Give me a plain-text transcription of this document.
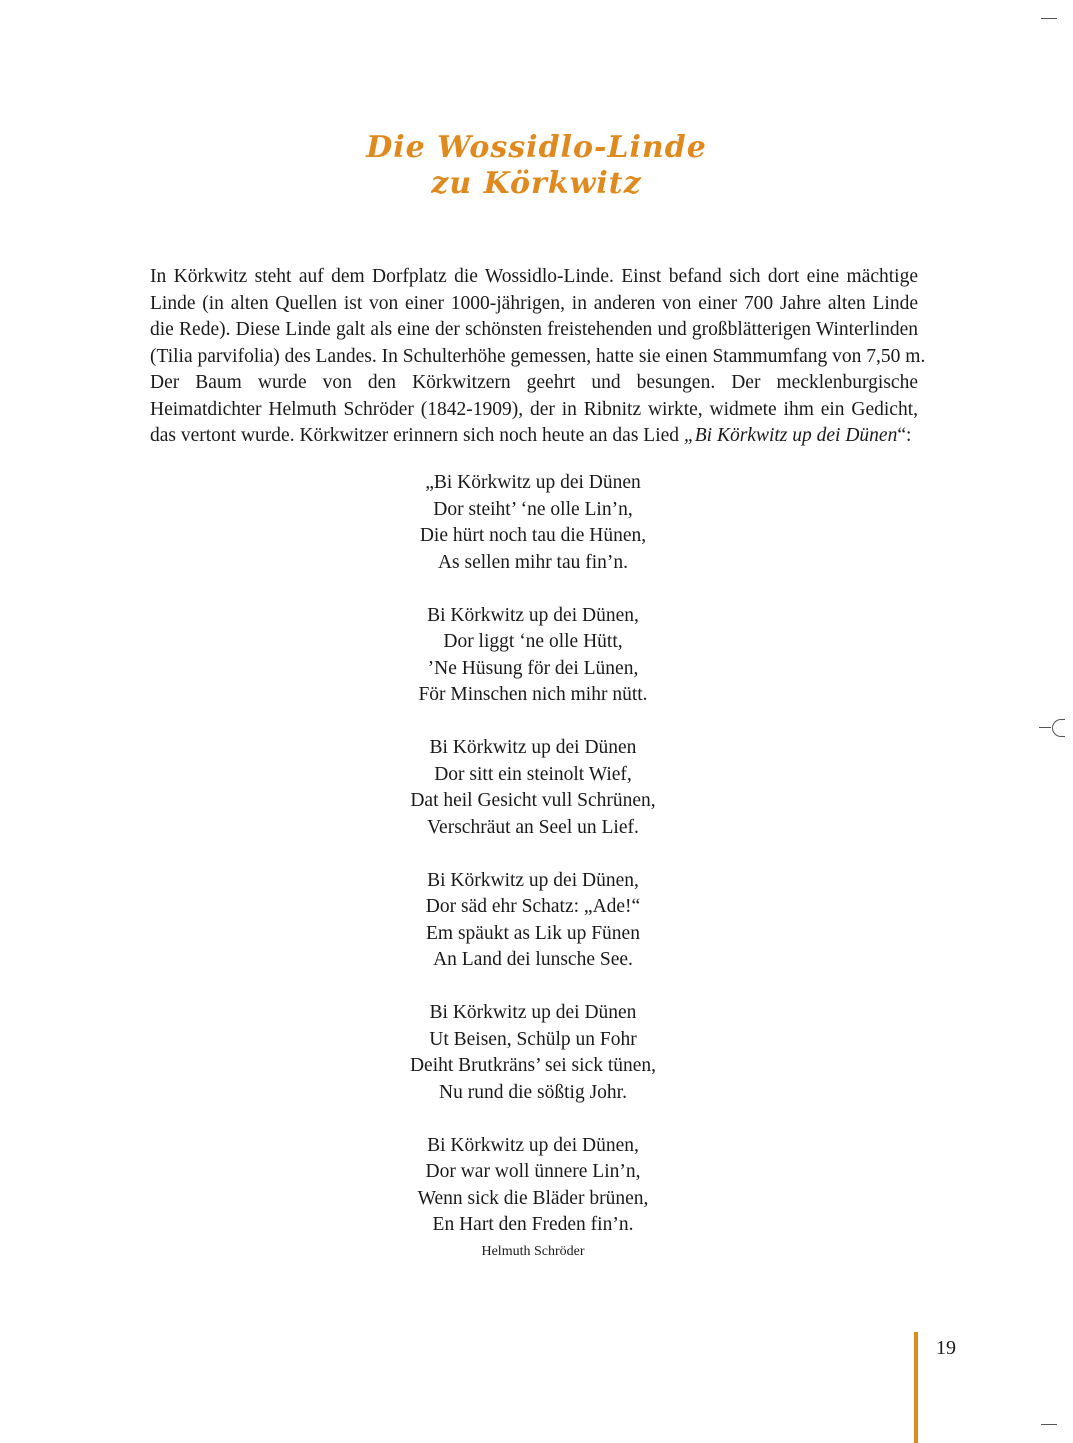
Die Wossidlo-Linde
zu Körkwitz
In Körkwitz steht auf dem Dorfplatz die Wossidlo-Linde. Einst befand sich dort eine mächtige
Linde (in alten Quellen ist von einer 1000-jährigen, in anderen von einer 700 Jahre alten Linde
die Rede). Diese Linde galt als eine der schönsten freistehenden und großblätterigen Winterlinden
(Tilia parvifolia) des Landes. In Schulterhöhe gemessen, hatte sie einen Stammumfang von 7,50 m.
Der Baum wurde von den Körkwitzern geehrt und besungen. Der mecklenburgische
Heimatdichter Helmuth Schröder (1842-1909), der in Ribnitz wirkte, widmete ihm ein Gedicht,
das vertont wurde. Körkwitzer erinnern sich noch heute an das Lied „Bi Körkwitz up dei Dünen“:
„Bi Körkwitz up dei Dünen
Dor steiht’ ‘ne olle Lin’n,
Die hürt noch tau die Hünen,
As sellen mihr tau fin’n.
Bi Körkwitz up dei Dünen,
Dor liggt ‘ne olle Hütt,
’Ne Hüsung för dei Lünen,
För Minschen nich mihr nütt.
Bi Körkwitz up dei Dünen
Dor sitt ein steinolt Wief,
Dat heil Gesicht vull Schrünen,
Verschräut an Seel un Lief.
Bi Körkwitz up dei Dünen,
Dor säd ehr Schatz: „Ade!“
Em späukt as Lik up Fünen
An Land dei lunsche See.
Bi Körkwitz up dei Dünen
Ut Beisen, Schülp un Fohr
Deiht Brutkräns’ sei sick tünen,
Nu rund die sößtig Johr.
Bi Körkwitz up dei Dünen,
Dor war woll ünnere Lin’n,
Wenn sick die Bläder brünen,
En Hart den Freden fin’n.
Helmuth Schröder
19
